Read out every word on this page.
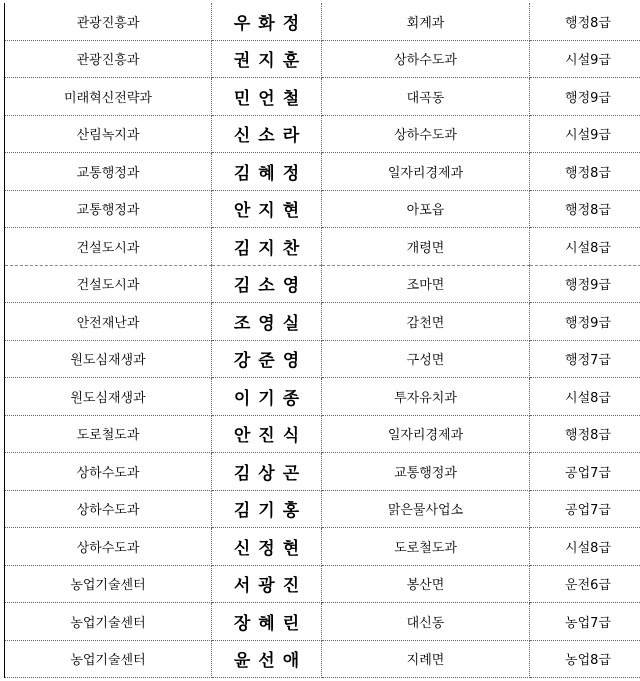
관광진흥과	우화정	회계과	행정8급
관광진흥과	권지훈	상하수도과	시설9급
미래혁신전략과	민언철	대곡동	행정9급
산림녹지과	신소라	상하수도과	시설9급
교통행정과	김혜정	일자리경제과	행정8급
교통행정과	안지현	아포읍	행정8급
건설도시과	김지찬	개령면	시설8급
건설도시과	김소영	조마면	행정9급
안전재난과	조영실	감천면	행정9급
원도심재생과	강준영	구성면	행정7급
원도심재생과	이기종	투자유치과	시설8급
도로철도과	안진식	일자리경제과	행정8급
상하수도과	김상곤	교통행정과	공업7급
상하수도과	김기홍	맑은물사업소	공업7급
상하수도과	신정현	도로철도과	시설8급
농업기술센터	서광진	봉산면	운전6급
농업기술센터	장혜린	대신동	농업7급
농업기술센터	윤선애	지례면	농업8급
